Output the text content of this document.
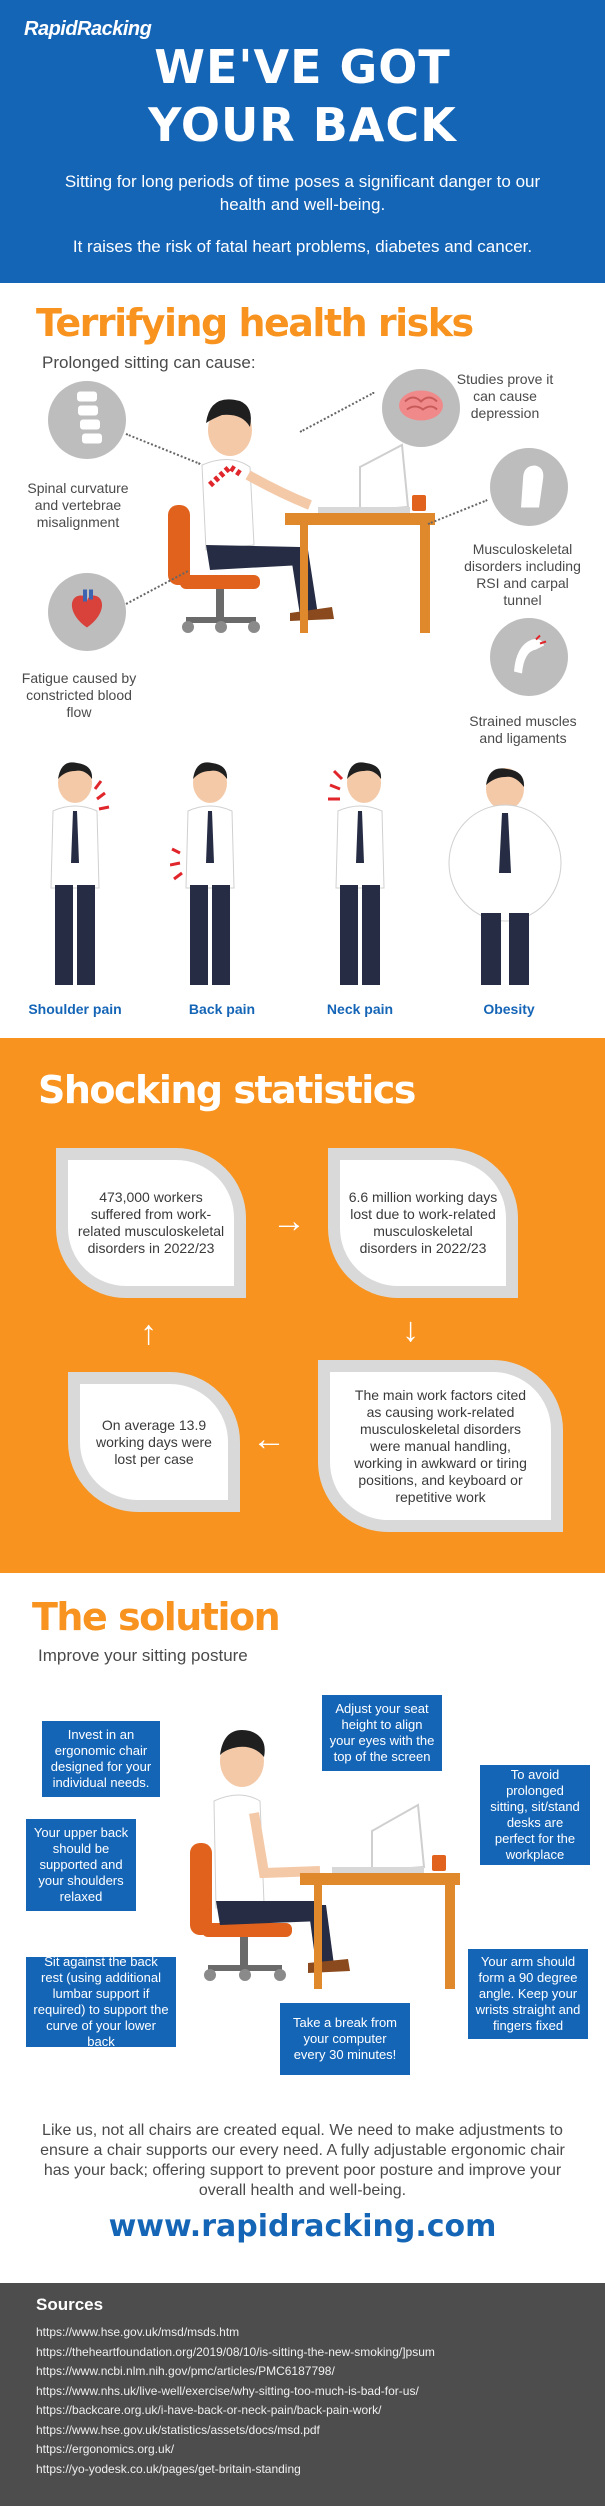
RapidRacking
WE'VE GOT
YOUR BACK
Sitting for long periods of time poses a significant danger to our health and well-being.
It raises the risk of fatal heart problems, diabetes and cancer.
Terrifying health risks
Prolonged sitting can cause:
Spinal curvature and vertebrae misalignment
Fatigue caused by constricted blood flow
Studies prove it can cause depression
Musculoskeletal disorders including RSI and carpal tunnel
Strained muscles and ligaments
Shoulder pain	Back pain	Neck pain	Obesity
Shocking statistics
473,000 workers suffered from work-related musculoskeletal disorders in 2022/23
6.6 million working days lost due to work-related musculoskeletal disorders in 2022/23
The main work factors cited as causing work-related musculoskeletal disorders were manual handling, working in awkward or tiring positions, and keyboard or repetitive work
On average 13.9 working days were lost per case
→
↓
←
↑
The solution
Improve your sitting posture
Invest in an ergonomic chair designed for your individual needs.
Adjust your seat height to align your eyes with the top of the screen
To avoid prolonged sitting, sit/stand desks are perfect for the workplace
Your upper back should be supported and your shoulders relaxed
Your arm should form a 90 degree angle. Keep your wrists straight and fingers fixed
Sit against the back rest (using additional lumbar support if required) to support the curve of your lower back
Take a break from your computer every 30 minutes!
Like us, not all chairs are created equal. We need to make adjustments to ensure a chair supports our every need. A fully adjustable ergonomic chair has your back; offering support to prevent poor posture and improve your overall health and well-being.
www.rapidracking.com
Sources
https://www.hse.gov.uk/msd/msds.htm
https://theheartfoundation.org/2019/08/10/is-sitting-the-new-smoking/]psum
https://www.ncbi.nlm.nih.gov/pmc/articles/PMC6187798/
https://www.nhs.uk/live-well/exercise/why-sitting-too-much-is-bad-for-us/
https://backcare.org.uk/i-have-back-or-neck-pain/back-pain-work/
https://www.hse.gov.uk/statistics/assets/docs/msd.pdf
https://ergonomics.org.uk/
https://yo-yodesk.co.uk/pages/get-britain-standing
